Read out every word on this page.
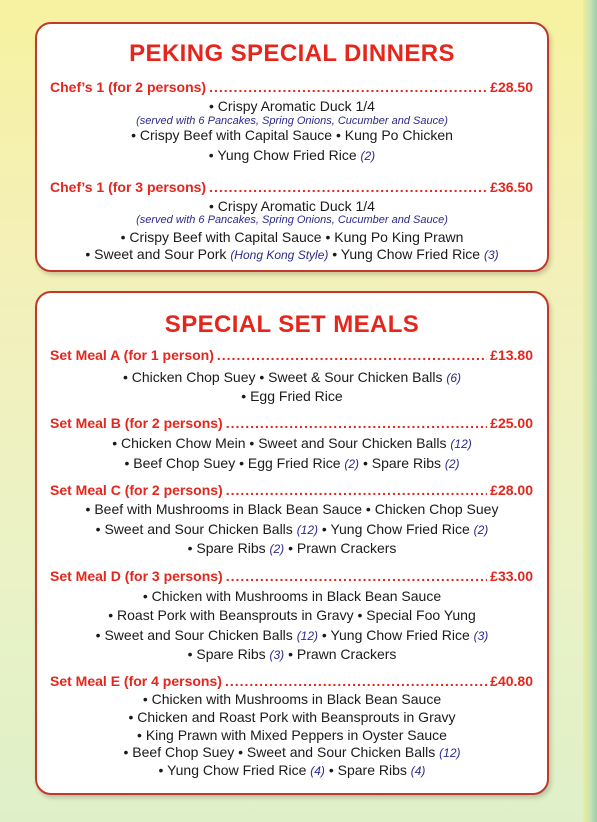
PEKING SPECIAL DINNERS
Chef’s 1 (for 2 persons) .....	£28.50
• Crispy Aromatic Duck 1/4
(served with 6 Pancakes, Spring Onions, Cucumber and Sauce)
• Crispy Beef with Capital Sauce • Kung Po Chicken
• Yung Chow Fried Rice (2)
Chef’s 1 (for 3 persons) .....	£36.50
• Crispy Aromatic Duck 1/4
(served with 6 Pancakes, Spring Onions, Cucumber and Sauce)
• Crispy Beef with Capital Sauce • Kung Po King Prawn
• Sweet and Sour Pork (Hong Kong Style) • Yung Chow Fried Rice (3)
SPECIAL SET MEALS
Set Meal A (for 1 person) .....	£13.80
• Chicken Chop Suey • Sweet & Sour Chicken Balls (6)
• Egg Fried Rice
Set Meal B (for 2 persons) .....	£25.00
• Chicken Chow Mein • Sweet and Sour Chicken Balls (12)
• Beef Chop Suey • Egg Fried Rice (2) • Spare Ribs (2)
Set Meal C (for 2 persons) .....	£28.00
• Beef with Mushrooms in Black Bean Sauce • Chicken Chop Suey
• Sweet and Sour Chicken Balls (12) • Yung Chow Fried Rice (2)
• Spare Ribs (2) • Prawn Crackers
Set Meal D (for 3 persons) .....	£33.00
• Chicken with Mushrooms in Black Bean Sauce
• Roast Pork with Beansprouts in Gravy • Special Foo Yung
• Sweet and Sour Chicken Balls (12) • Yung Chow Fried Rice (3)
• Spare Ribs (3) • Prawn Crackers
Set Meal E (for 4 persons) .....	£40.80
• Chicken with Mushrooms in Black Bean Sauce
• Chicken and Roast Pork with Beansprouts in Gravy
• King Prawn with Mixed Peppers in Oyster Sauce
• Beef Chop Suey • Sweet and Sour Chicken Balls (12)
• Yung Chow Fried Rice (4) • Spare Ribs (4)
